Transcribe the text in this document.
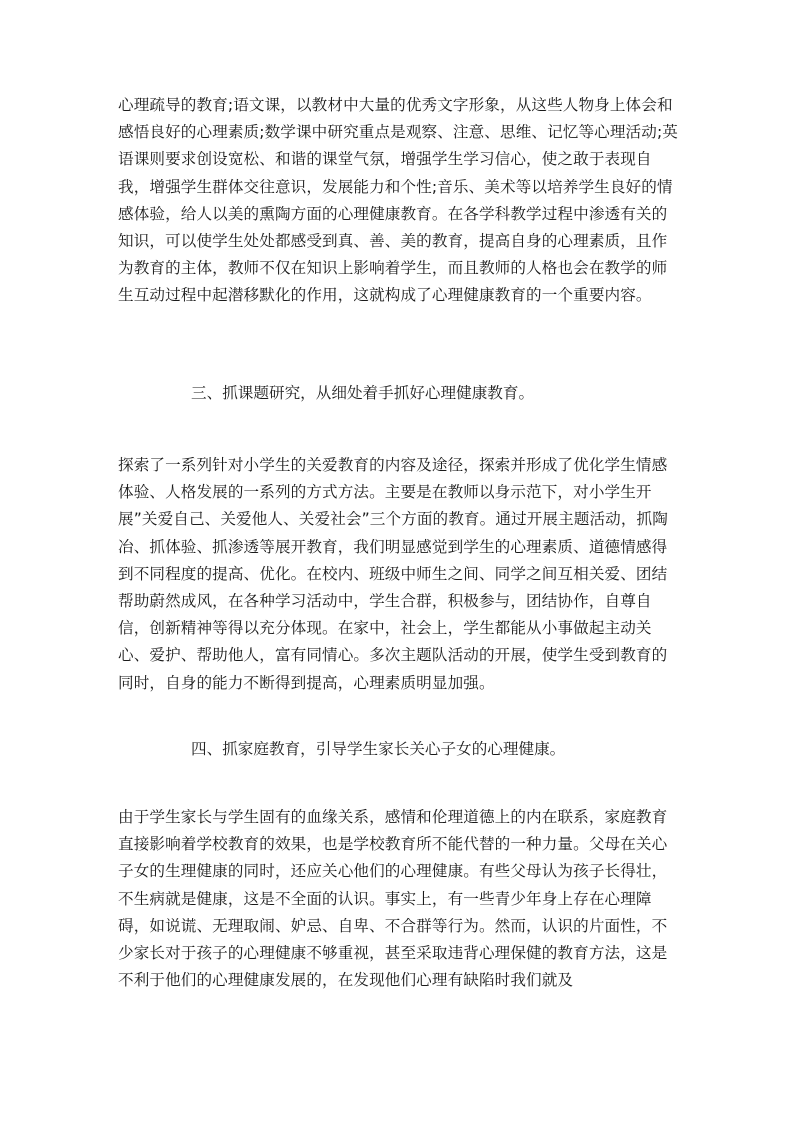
心理疏导的教育;语文课，以教材中大量的优秀文字形象，从这些人物身上体会和感悟良好的心理素质;数学课中研究重点是观察、注意、思维、记忆等心理活动;英语课则要求创设宽松、和谐的课堂气氛，增强学生学习信心，使之敢于表现自我，增强学生群体交往意识，发展能力和个性;音乐、美术等以培养学生良好的情感体验，给人以美的熏陶方面的心理健康教育。在各学科教学过程中渗透有关的知识，可以使学生处处都感受到真、善、美的教育，提高自身的心理素质，且作为教育的主体，教师不仅在知识上影响着学生，而且教师的人格也会在教学的师生互动过程中起潜移默化的作用，这就构成了心理健康教育的一个重要内容。

三、抓课题研究，从细处着手抓好心理健康教育。

探索了一系列针对小学生的关爱教育的内容及途径，探索并形成了优化学生情感体验、人格发展的一系列的方式方法。主要是在教师以身示范下，对小学生开展”关爱自己、关爱他人、关爱社会”三个方面的教育。通过开展主题活动，抓陶冶、抓体验、抓渗透等展开教育，我们明显感觉到学生的心理素质、道德情感得到不同程度的提高、优化。在校内、班级中师生之间、同学之间互相关爱、团结帮助蔚然成风，在各种学习活动中，学生合群，积极参与，团结协作，自尊自信，创新精神等得以充分体现。在家中，社会上，学生都能从小事做起主动关心、爱护、帮助他人，富有同情心。多次主题队活动的开展，使学生受到教育的同时，自身的能力不断得到提高，心理素质明显加强。

四、抓家庭教育，引导学生家长关心子女的心理健康。

由于学生家长与学生固有的血缘关系，感情和伦理道德上的内在联系，家庭教育直接影响着学校教育的效果，也是学校教育所不能代替的一种力量。父母在关心子女的生理健康的同时，还应关心他们的心理健康。有些父母认为孩子长得壮，不生病就是健康，这是不全面的认识。事实上，有一些青少年身上存在心理障碍，如说谎、无理取闹、妒忌、自卑、不合群等行为。然而，认识的片面性，不少家长对于孩子的心理健康不够重视，甚至采取违背心理保健的教育方法，这是不利于他们的心理健康发展的，在发现他们心理有缺陷时我们就及
